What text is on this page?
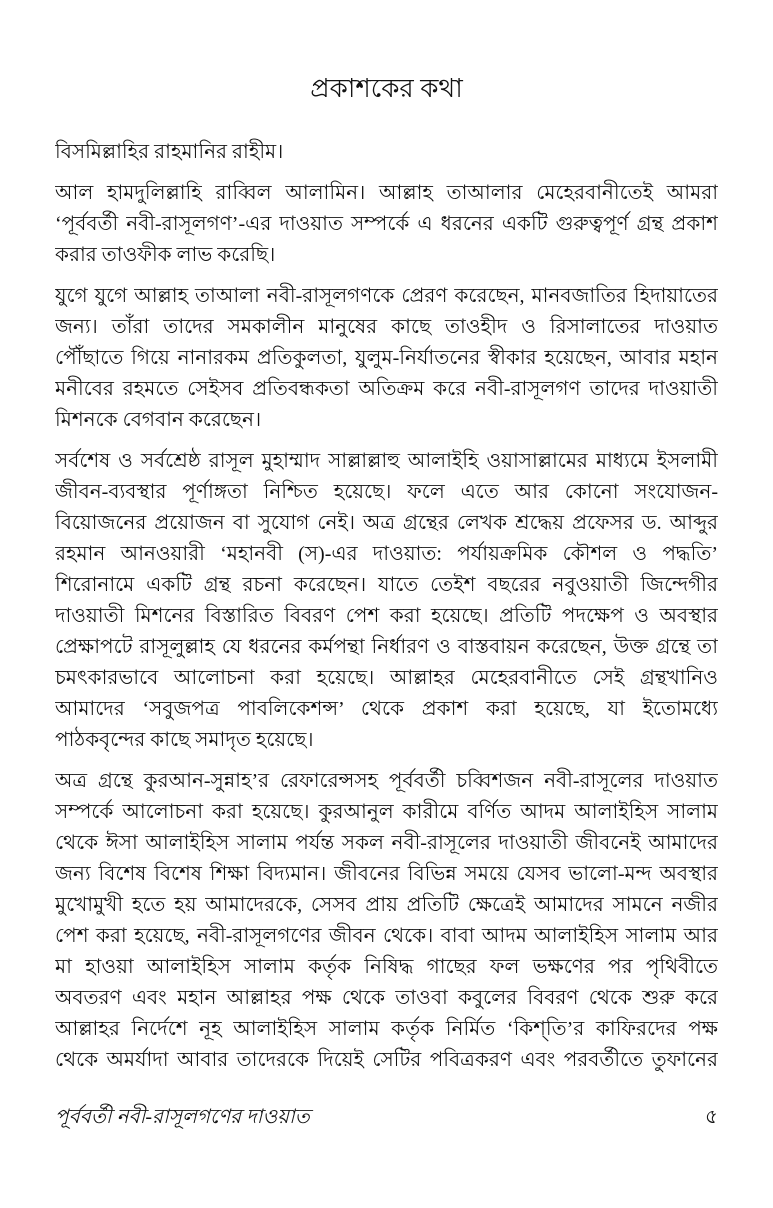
প্রকাশকের কথা
বিসমিল্লাহির রাহমানির রাহীম।
আল হামদুলিল্লাহি রাব্বিল আলামিন। আল্লাহ তাআলার মেহেরবানীতেই আমরা
‘পূর্ববর্তী নবী-রাসূলগণ’-এর দাওয়াত সম্পর্কে এ ধরনের একটি গুরুত্বপূর্ণ গ্রন্থ প্রকাশ
করার তাওফীক লাভ করেছি।
যুগে যুগে আল্লাহ তাআলা নবী-রাসূলগণকে প্রেরণ করেছেন, মানবজাতির হিদায়াতের
জন্য। তাঁরা তাদের সমকালীন মানুষের কাছে তাওহীদ ও রিসালাতের দাওয়াত
পৌঁছাতে গিয়ে নানারকম প্রতিকুলতা, যুলুম-নির্যাতনের স্বীকার হয়েছেন, আবার মহান
মনীবের রহমতে সেইসব প্রতিবন্ধকতা অতিক্রম করে নবী-রাসূলগণ তাদের দাওয়াতী
মিশনকে বেগবান করেছেন।
সর্বশেষ ও সর্বশ্রেষ্ঠ রাসূল মুহাম্মাদ সাল্লাল্লাহু আলাইহি ওয়াসাল্লামের মাধ্যমে ইসলামী
জীবন-ব্যবস্থার পূর্ণাঙ্গতা নিশ্চিত হয়েছে। ফলে এতে আর কোনো সংযোজন-
বিয়োজনের প্রয়োজন বা সুযোগ নেই। অত্র গ্রন্থের লেখক শ্রদ্ধেয় প্রফেসর ড. আব্দুর
রহমান আনওয়ারী ‘মহানবী (স)-এর দাওয়াত: পর্যায়ক্রমিক কৌশল ও পদ্ধতি’
শিরোনামে একটি গ্রন্থ রচনা করেছেন। যাতে তেইশ বছরের নবুওয়াতী জিন্দেগীর
দাওয়াতী মিশনের বিস্তারিত বিবরণ পেশ করা হয়েছে। প্রতিটি পদক্ষেপ ও অবস্থার
প্রেক্ষাপটে রাসূলুল্লাহ যে ধরনের কর্মপন্থা নির্ধারণ ও বাস্তবায়ন করেছেন, উক্ত গ্রন্থে তা
চমৎকারভাবে আলোচনা করা হয়েছে। আল্লাহর মেহেরবানীতে সেই গ্রন্থখানিও
আমাদের ‘সবুজপত্র পাবলিকেশন্স’ থেকে প্রকাশ করা হয়েছে, যা ইতোমধ্যে
পাঠকবৃন্দের কাছে সমাদৃত হয়েছে।
অত্র গ্রন্থে কুরআন-সুন্নাহ’র রেফারেন্সসহ পূর্ববর্তী চব্বিশজন নবী-রাসূলের দাওয়াত
সম্পর্কে আলোচনা করা হয়েছে। কুরআনুল কারীমে বর্ণিত আদম আলাইহিস সালাম
থেকে ঈসা আলাইহিস সালাম পর্যন্ত সকল নবী-রাসূলের দাওয়াতী জীবনেই আমাদের
জন্য বিশেষ বিশেষ শিক্ষা বিদ্যমান। জীবনের বিভিন্ন সময়ে যেসব ভালো-মন্দ অবস্থার
মুখোমুখী হতে হয় আমাদেরকে, সেসব প্রায় প্রতিটি ক্ষেত্রেই আমাদের সামনে নজীর
পেশ করা হয়েছে, নবী-রাসূলগণের জীবন থেকে। বাবা আদম আলাইহিস সালাম আর
মা হাওয়া আলাইহিস সালাম কর্তৃক নিষিদ্ধ গাছের ফল ভক্ষণের পর পৃথিবীতে
অবতরণ এবং মহান আল্লাহর পক্ষ থেকে তাওবা কবুলের বিবরণ থেকে শুরু করে
আল্লাহর নির্দেশে নূহ আলাইহিস সালাম কর্তৃক নির্মিত ‘কিশ্‌তি’র কাফিরদের পক্ষ
থেকে অমর্যাদা আবার তাদেরকে দিয়েই সেটির পবিত্রকরণ এবং পরবর্তীতে তুফানের
পূর্ববর্তী নবী-রাসূলগণের দাওয়াত	৫
